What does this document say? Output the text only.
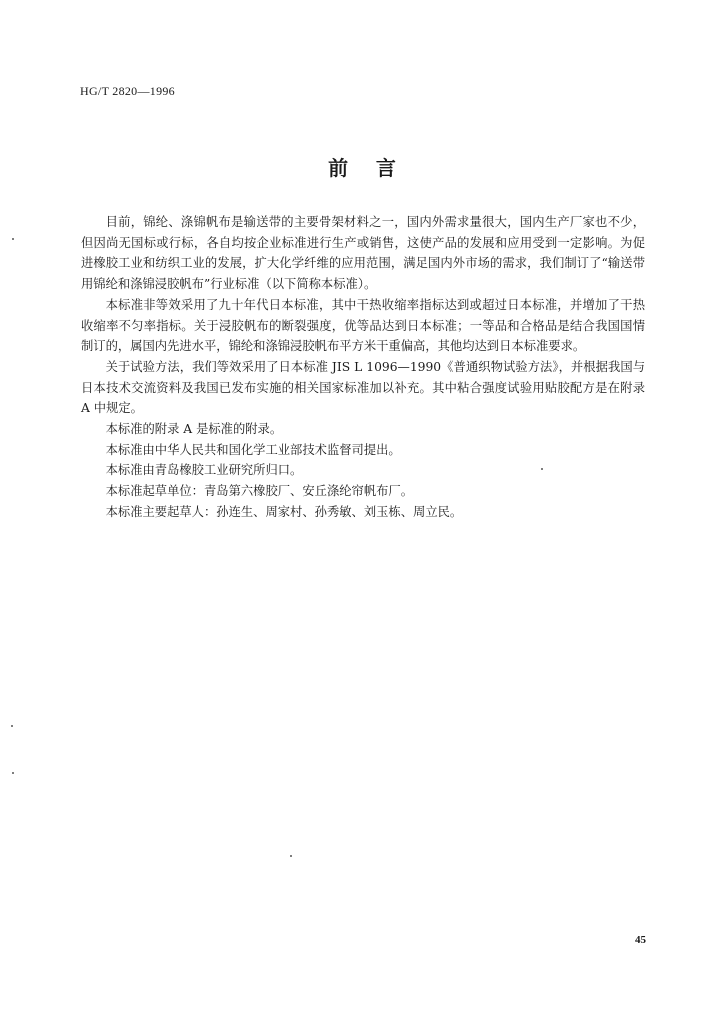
HG/T 2820—1996
前    言

目前，锦纶、涤锦帆布是输送带的主要骨架材料之一，国内外需求量很大，国内生产厂家也不少，但因尚无国标或行标，各自均按企业标准进行生产或销售，这使产品的发展和应用受到一定影响。为促进橡胶工业和纺织工业的发展，扩大化学纤维的应用范围，满足国内外市场的需求，我们制订了“输送带用锦纶和涤锦浸胶帆布”行业标准（以下简称本标准）。

本标准非等效采用了九十年代日本标准，其中干热收缩率指标达到或超过日本标准，并增加了干热收缩率不匀率指标。关于浸胶帆布的断裂强度，优等品达到日本标准；一等品和合格品是结合我国国情制订的，属国内先进水平，锦纶和涤锦浸胶帆布平方米干重偏高，其他均达到日本标准要求。

关于试验方法，我们等效采用了日本标准 JIS L 1096—1990《普通织物试验方法》，并根据我国与日本技术交流资料及我国已发布实施的相关国家标准加以补充。其中粘合强度试验用贴胶配方是在附录 A 中规定。

本标准的附录 A 是标准的附录。

本标准由中华人民共和国化学工业部技术监督司提出。

本标准由青岛橡胶工业研究所归口。

本标准起草单位：青岛第六橡胶厂、安丘涤纶帘帆布厂。

本标准主要起草人：孙连生、周家村、孙秀敏、刘玉栋、周立民。

45
